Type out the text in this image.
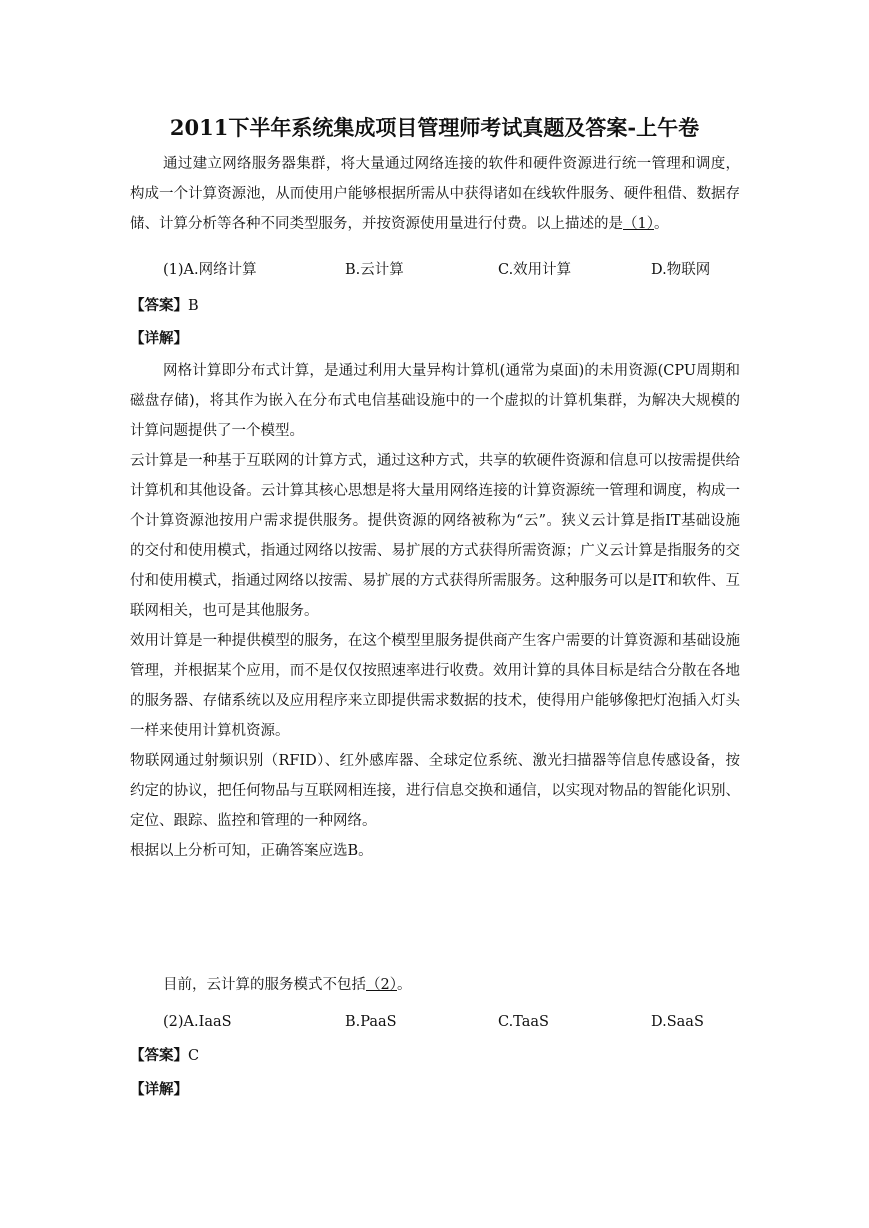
2011下半年系统集成项目管理师考试真题及答案-上午卷

通过建立网络服务器集群，将大量通过网络连接的软件和硬件资源进行统一管理和调度，构成一个计算资源池，从而使用户能够根据所需从中获得诸如在线软件服务、硬件租借、数据存储、计算分析等各种不同类型服务，并按资源使用量进行付费。以上描述的是（1）。

(1)A.网络计算	B.云计算	C.效用计算	D.物联网
【答案】B
【详解】

网格计算即分布式计算，是通过利用大量异构计算机(通常为桌面)的未用资源(CPU周期和磁盘存储)，将其作为嵌入在分布式电信基础设施中的一个虚拟的计算机集群，为解决大规模的计算问题提供了一个模型。

云计算是一种基于互联网的计算方式，通过这种方式，共享的软硬件资源和信息可以按需提供给计算机和其他设备。云计算其核心思想是将大量用网络连接的计算资源统一管理和调度，构成一个计算资源池按用户需求提供服务。提供资源的网络被称为“云”。狭义云计算是指IT基础设施的交付和使用模式，指通过网络以按需、易扩展的方式获得所需资源；广义云计算是指服务的交付和使用模式，指通过网络以按需、易扩展的方式获得所需服务。这种服务可以是IT和软件、互联网相关，也可是其他服务。

效用计算是一种提供模型的服务，在这个模型里服务提供商产生客户需要的计算资源和基础设施管理，并根据某个应用，而不是仅仅按照速率进行收费。效用计算的具体目标是结合分散在各地的服务器、存储系统以及应用程序来立即提供需求数据的技术，使得用户能够像把灯泡插入灯头一样来使用计算机资源。

物联网通过射频识别（RFID）、红外感库器、全球定位系统、激光扫描器等信息传感设备，按约定的协议，把任何物品与互联网相连接，进行信息交换和通信，以实现对物品的智能化识别、定位、跟踪、监控和管理的一种网络。

根据以上分析可知，正确答案应选B。

目前，云计算的服务模式不包括（2）。
(2)A.IaaS	B.PaaS	C.TaaS	D.SaaS
【答案】C
【详解】
